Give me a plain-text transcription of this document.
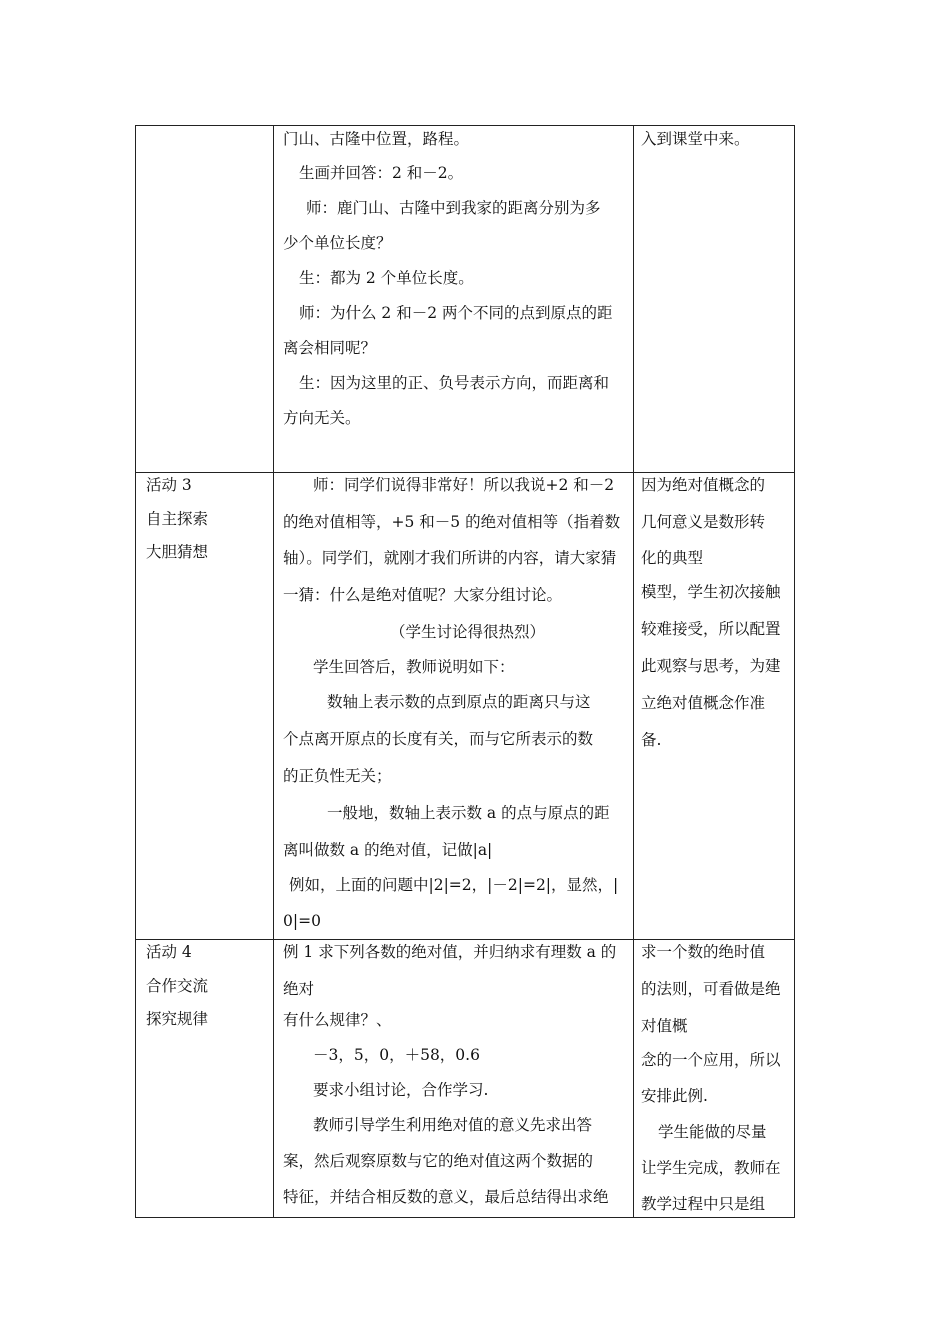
门山、古隆中位置，路程。
生画并回答：2 和－2。
师：鹿门山、古隆中到我家的距离分别为多
少个单位长度？
生：都为 2 个单位长度。
师：为什么 2 和－2 两个不同的点到原点的距
离会相同呢？
生：因为这里的正、负号表示方向，而距离和
方向无关。
入到课堂中来。
活动 3
自主探索
大胆猜想
师：同学们说得非常好！所以我说+2 和－2
的绝对值相等，+5 和－5 的绝对值相等（指着数
轴）。同学们，就刚才我们所讲的内容，请大家猜
一猜：什么是绝对值呢？大家分组讨论。
（学生讨论得很热烈）
学生回答后，教师说明如下：
数轴上表示数的点到原点的距离只与这
个点离开原点的长度有关，而与它所表示的数
的正负性无关；
一般地，数轴上表示数 a 的点与原点的距
离叫做数 a 的绝对值，记做|a|
例如，上面的问题中|2|=2，|－2|=2|，显然，|
0|=0
因为绝对值概念的
几何意义是数形转
化的典型
模型，学生初次接触
较难接受，所以配置
此观察与思考，为建
立绝对值概念作准
备.
活动 4
合作交流
探究规律
例 1 求下列各数的绝对值，并归纳求有理数 a 的
绝对
有什么规律？、
－3，5，0，＋58，0.6
要求小组讨论，合作学习.
教师引导学生利用绝对值的意义先求出答
案，然后观察原数与它的绝对值这两个数据的
特征，并结合相反数的意义，最后总结得出求绝
求一个数的绝时值
的法则，可看做是绝
对值概
念的一个应用，所以
安排此例.
学生能做的尽量
让学生完成，教师在
教学过程中只是组
